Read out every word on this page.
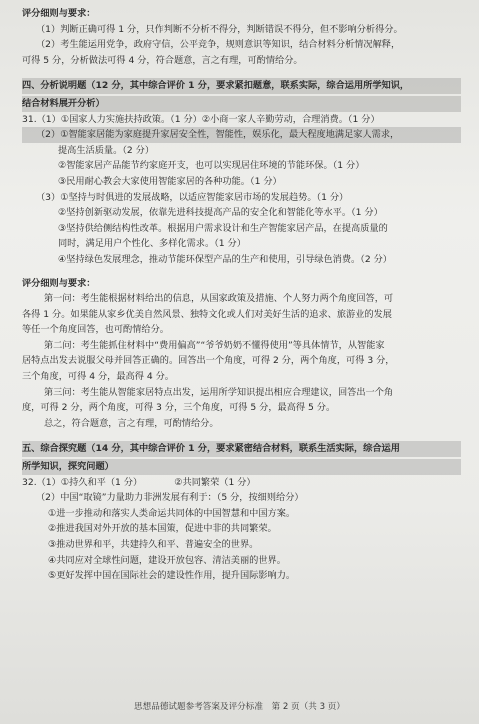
评分细则与要求：
（1）判断正确可得 1 分，只作判断不分析不得分，判断错误不得分，但不影响分析得分。
（2）考生能运用党争，政府守信，公平竞争，规则意识等知识，结合材料分析情况解释，
可得 5 分，分析做法可得 4 分，符合题意，言之有理，可酌情给分。
四、分析说明题（12 分，其中综合评价 1 分，要求紧扣题意，联系实际，综合运用所学知识，
结合材料展开分析）
31.（1）①国家人力实施扶持政策。（1 分）②小商一家人辛勤劳动，合理消费。（1 分）
（2）①智能家居能为家庭提升家居安全性，智能性，娱乐化，最大程度地满足家人需求，
提高生活质量。（2 分）
②智能家居产品能节约家庭开支，也可以实现居住环境的节能环保。（1 分）
③民用耐心教会大家使用智能家居的各种功能。（1 分）
（3）①坚持与时俱进的发展战略，以适应智能家居市场的发展趋势。（1 分）
②坚持创新驱动发展，依靠先进科技提高产品的安全化和智能化等水平。（1 分）
③坚持供给侧结构性改革。根据用户需求设计和生产智能家居产品，在提高质量的
同时，满足用户个性化、多样化需求。（1 分）
④坚持绿色发展理念，推动节能环保型产品的生产和使用，引导绿色消费。（2 分）
评分细则与要求：
第一问：考生能根据材料给出的信息，从国家政策及措施、个人努力两个角度回答，可
各得 1 分。如果能从家乡优美自然风景、独特文化或人们对美好生活的追求、旅游业的发展
等任一个角度回答，也可酌情给分。
第二问：考生能抓住材料中“费用偏高”“爷爷奶奶不懂得使用”等具体情节，从智能家
居特点出发去说服父母并回答正确的。回答出一个角度，可得 2 分，两个角度，可得 3 分，
三个角度，可得 4 分，最高得 4 分。
第三问：考生能从智能家居特点出发，运用所学知识提出相应合理建议，回答出一个角
度，可得 2 分，两个角度，可得 3 分，三个角度，可得 5 分，最高得 5 分。
总之，符合题意，言之有理，可酌情给分。
五、综合探究题（14 分，其中综合评价 1 分，要求紧密结合材料，联系生活实际，综合运用
所学知识，探究问题）
32.（1）①持久和平（1 分）　　　　②共同繁荣（1 分）
（2）中国“取镜”力量助力非洲发展有利于：（5 分，按细则给分）
①进一步推动和落实人类命运共同体的中国智慧和中国方案。
②推进我国对外开放的基本国策，促进中非的共同繁荣。
③推动世界和平，共建持久和平、普遍安全的世界。
④共同应对全球性问题，建设开放包容、清洁美丽的世界。
⑤更好发挥中国在国际社会的建设性作用，提升国际影响力。
思想品德试题参考答案及评分标准　第 2 页（共 3 页）
